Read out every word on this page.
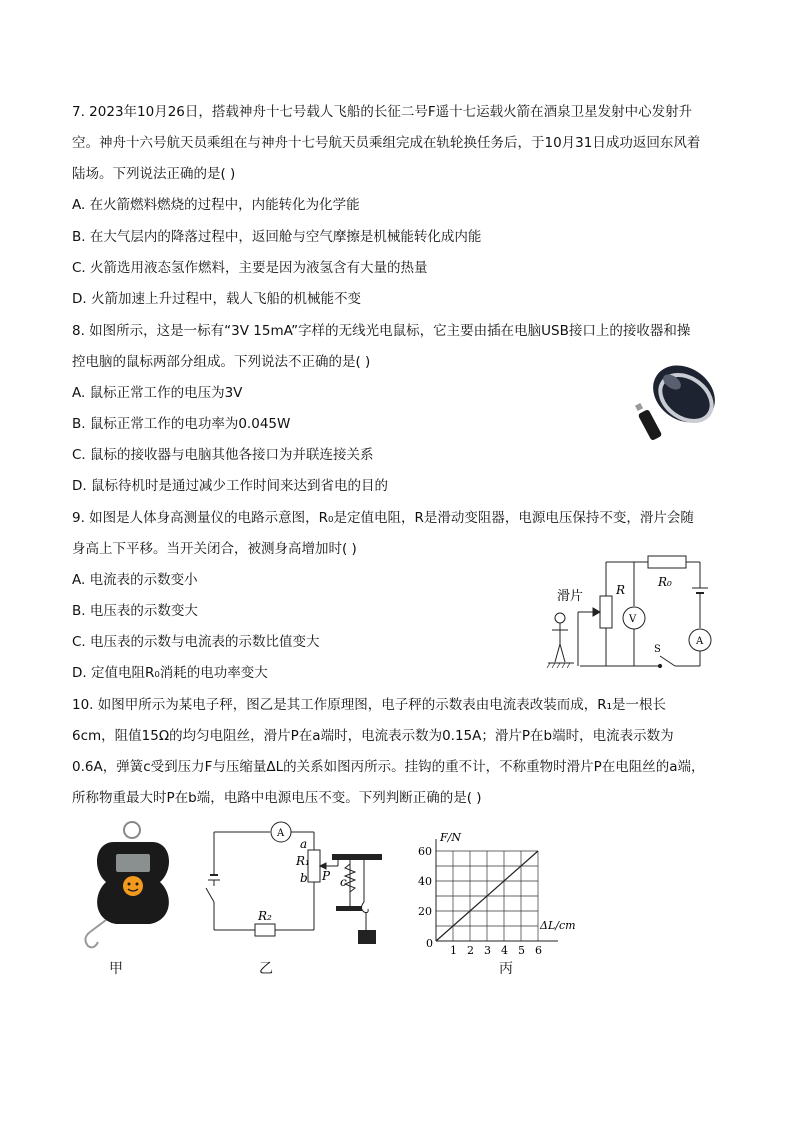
7. 2023年10月26日，搭载神舟十七号载人飞船的长征二号F遥十七运载火箭在酒泉卫星发射中心发射升
空。神舟十六号航天员乘组在与神舟十七号航天员乘组完成在轨轮换任务后，于10月31日成功返回东风着
陆场。下列说法正确的是( )
A. 在火箭燃料燃烧的过程中，内能转化为化学能
B. 在大气层内的降落过程中，返回舱与空气摩擦是机械能转化成内能
C. 火箭选用液态氢作燃料，主要是因为液氢含有大量的热量
D. 火箭加速上升过程中，载人飞船的机械能不变
8. 如图所示，这是一标有“3V 15mA”字样的无线光电鼠标，它主要由插在电脑USB接口上的接收器和操
控电脑的鼠标两部分组成。下列说法不正确的是( )
A. 鼠标正常工作的电压为3V
B. 鼠标正常工作的电功率为0.045W
C. 鼠标的接收器与电脑其他各接口为并联连接关系
D. 鼠标待机时是通过减少工作时间来达到省电的目的
9. 如图是人体身高测量仪的电路示意图，R₀是定值电阻，R是滑动变阻器，电源电压保持不变，滑片会随
身高上下平移。当开关闭合，被测身高增加时( )
A. 电流表的示数变小
B. 电压表的示数变大
C. 电压表的示数与电流表的示数比值变大
D. 定值电阻R₀消耗的电功率变大
滑片	R
R₀
V
A
S
10. 如图甲所示为某电子秤，图乙是其工作原理图，电子秤的示数表由电流表改装而成，R₁是一根长
6cm，阻值15Ω的均匀电阻丝，滑片P在a端时，电流表示数为0.15A；滑片P在b端时，电流表示数为
0.6A，弹簧c受到压力F与压缩量ΔL的关系如图丙所示。挂钩的重不计，不称重物时滑片P在电阻丝的a端，
所称物重最大时P在b端，电路中电源电压不变。下列判断正确的是( )
A
a
R₁
b P c
R₂
1 2 3 4 5 6
20
40
60
F/N
ΔL/cm
0
甲	乙	丙
